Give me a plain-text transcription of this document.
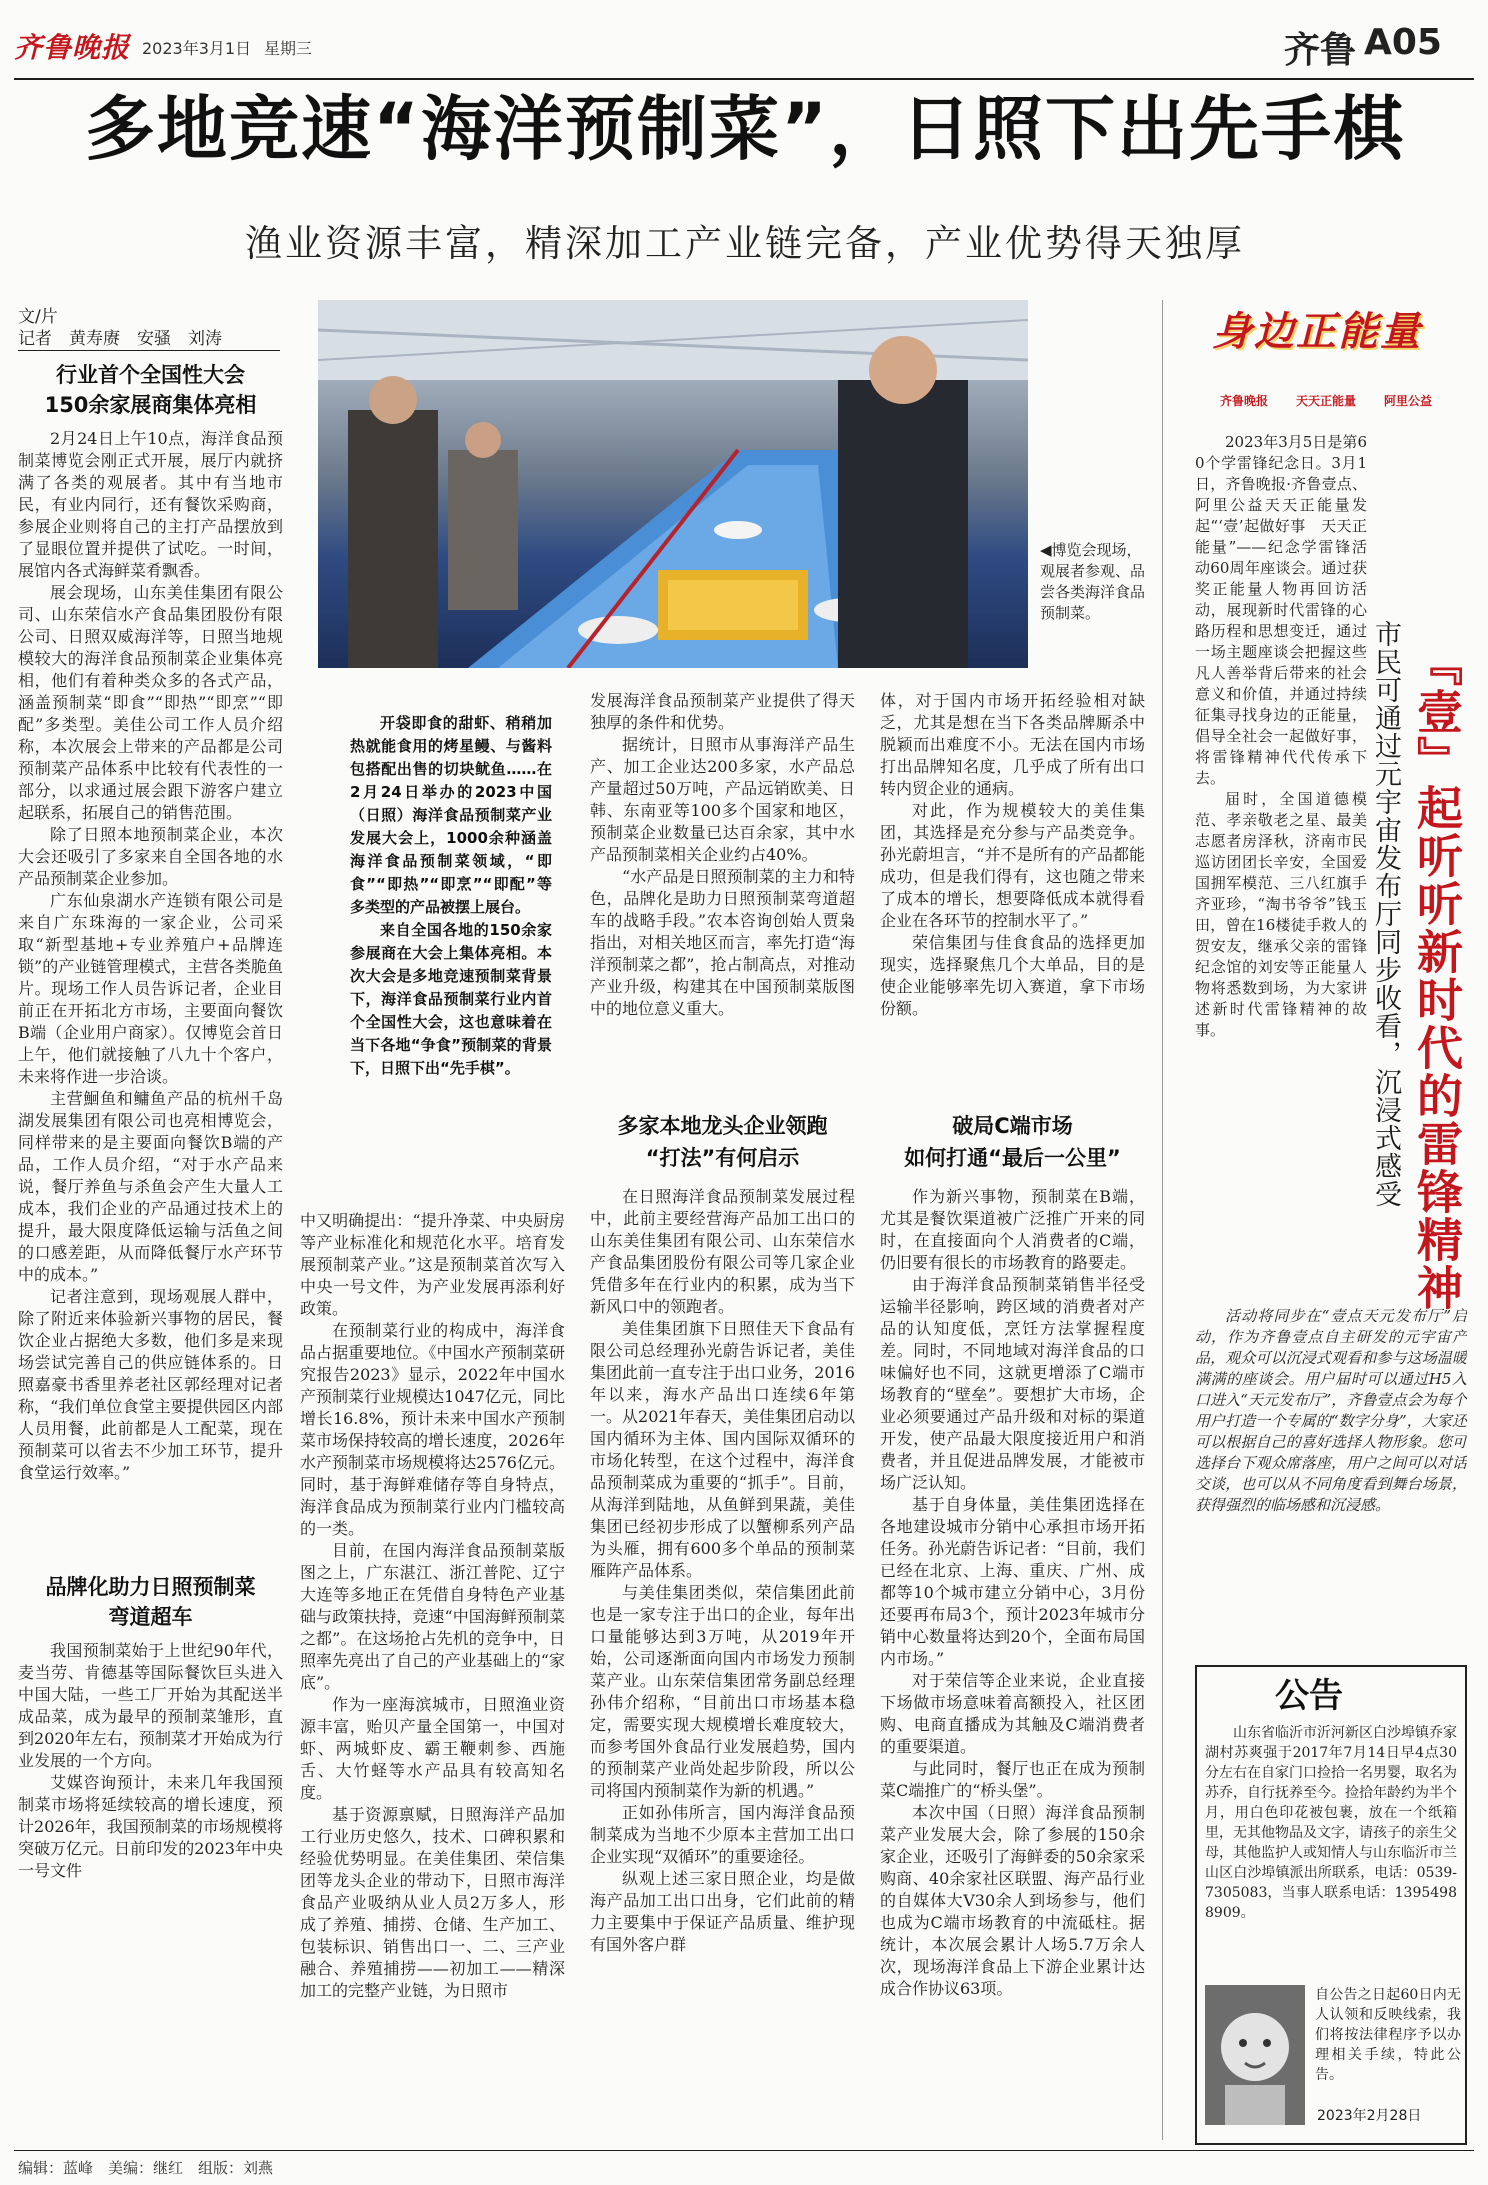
齐鲁晚报 2023年3月1日 星期三	齐鲁 A05
多地竞速“海洋预制菜”，日照下出先手棋
渔业资源丰富，精深加工产业链完备，产业优势得天独厚
文/片
记者　黄寿赓　安骚　刘涛
行业首个全国性大会
150余家展商集体亮相

2月24日上午10点，海洋食品预制菜博览会刚正式开展，展厅内就挤满了各类的观展者。其中有当地市民，有业内同行，还有餐饮采购商，参展企业则将自己的主打产品摆放到了显眼位置并提供了试吃。一时间，展馆内各式海鲜菜肴飘香。

展会现场，山东美佳集团有限公司、山东荣信水产食品集团股份有限公司、日照双威海洋等，日照当地规模较大的海洋食品预制菜企业集体亮相，他们有着种类众多的各式产品，涵盖预制菜“即食”“即热”“即烹”“即配”多类型。美佳公司工作人员介绍称，本次展会上带来的产品都是公司预制菜产品体系中比较有代表性的一部分，以求通过展会跟下游客户建立起联系，拓展自己的销售范围。

除了日照本地预制菜企业，本次大会还吸引了多家来自全国各地的水产品预制菜企业参加。

广东仙泉湖水产连锁有限公司是来自广东珠海的一家企业，公司采取“新型基地+专业养殖户+品牌连锁”的产业链管理模式，主营各类脆鱼片。现场工作人员告诉记者，企业目前正在开拓北方市场，主要面向餐饮B端（企业用户商家）。仅博览会首日上午，他们就接触了八九十个客户，未来将作进一步洽谈。

主营鮰鱼和鳙鱼产品的杭州千岛湖发展集团有限公司也亮相博览会，同样带来的是主要面向餐饮B端的产品，工作人员介绍，“对于水产品来说，餐厅养鱼与杀鱼会产生大量人工成本，我们企业的产品通过技术上的提升，最大限度降低运输与活鱼之间的口感差距，从而降低餐厅水产环节中的成本。”

记者注意到，现场观展人群中，除了附近来体验新兴事物的居民，餐饮企业占据绝大多数，他们多是来现场尝试完善自己的供应链体系的。日照嘉豪书香里养老社区郭经理对记者称，“我们单位食堂主要提供园区内部人员用餐，此前都是人工配菜，现在预制菜可以省去不少加工环节，提升食堂运行效率。”

品牌化助力日照预制菜
弯道超车

我国预制菜始于上世纪90年代，麦当劳、肯德基等国际餐饮巨头进入中国大陆，一些工厂开始为其配送半成品菜，成为最早的预制菜雏形，直到2020年左右，预制菜才开始成为行业发展的一个方向。

艾媒咨询预计，未来几年我国预制菜市场将延续较高的增长速度，预计2026年，我国预制菜的市场规模将突破万亿元。日前印发的2023年中央一号文件

◀博览会现场，观展者参观、品尝各类海洋食品预制菜。

开袋即食的甜虾、稍稍加热就能食用的烤星鳗、与酱料包搭配出售的切块鱿鱼……在2月24日举办的2023中国（日照）海洋食品预制菜产业发展大会上，1000余种涵盖海洋食品预制菜领域，“即食”“即热”“即烹”“即配”等多类型的产品被摆上展台。

来自全国各地的150余家参展商在大会上集体亮相。本次大会是多地竞速预制菜背景下，海洋食品预制菜行业内首个全国性大会，这也意味着在当下各地“争食”预制菜的背景下，日照下出“先手棋”。

中又明确提出：“提升净菜、中央厨房等产业标准化和规范化水平。培育发展预制菜产业。”这是预制菜首次写入中央一号文件，为产业发展再添利好政策。

在预制菜行业的构成中，海洋食品占据重要地位。《中国水产预制菜研究报告2023》显示，2022年中国水产预制菜行业规模达1047亿元，同比增长16.8%，预计未来中国水产预制菜市场保持较高的增长速度，2026年水产预制菜市场规模将达2576亿元。同时，基于海鲜难储存等自身特点，海洋食品成为预制菜行业内门槛较高的一类。

目前，在国内海洋食品预制菜版图之上，广东湛江、浙江普陀、辽宁大连等多地正在凭借自身特色产业基础与政策扶持，竞速“中国海鲜预制菜之都”。在这场抢占先机的竞争中，日照率先亮出了自己的产业基础上的“家底”。

作为一座海滨城市，日照渔业资源丰富，贻贝产量全国第一，中国对虾、两城虾皮、霸王鞭刺参、西施舌、大竹蛏等水产品具有较高知名度。

基于资源禀赋，日照海洋产品加工行业历史悠久，技术、口碑积累和经验优势明显。在美佳集团、荣信集团等龙头企业的带动下，日照市海洋食品产业吸纳从业人员2万多人，形成了养殖、捕捞、仓储、生产加工、包装标识、销售出口一、二、三产业融合、养殖捕捞——初加工——精深加工的完整产业链，为日照市

发展海洋食品预制菜产业提供了得天独厚的条件和优势。

据统计，日照市从事海洋产品生产、加工企业达200多家，水产品总产量超过50万吨，产品远销欧美、日韩、东南亚等100多个国家和地区，预制菜企业数量已达百余家，其中水产品预制菜相关企业约占40%。

“水产品是日照预制菜的主力和特色，品牌化是助力日照预制菜弯道超车的战略手段。”农本咨询创始人贾枭指出，对相关地区而言，率先打造“海洋预制菜之都”，抢占制高点，对推动产业升级，构建其在中国预制菜版图中的地位意义重大。

多家本地龙头企业领跑
“打法”有何启示

在日照海洋食品预制菜发展过程中，此前主要经营海产品加工出口的山东美佳集团有限公司、山东荣信水产食品集团股份有限公司等几家企业凭借多年在行业内的积累，成为当下新风口中的领跑者。

美佳集团旗下日照佳天下食品有限公司总经理孙光蔚告诉记者，美佳集团此前一直专注于出口业务，2016年以来，海水产品出口连续6年第一。从2021年春天，美佳集团启动以国内循环为主体、国内国际双循环的市场化转型，在这个过程中，海洋食品预制菜成为重要的“抓手”。目前，从海洋到陆地，从鱼鲜到果蔬，美佳集团已经初步形成了以蟹柳系列产品为头雁，拥有600多个单品的预制菜雁阵产品体系。

与美佳集团类似，荣信集团此前也是一家专注于出口的企业，每年出口量能够达到3万吨，从2019年开始，公司逐渐面向国内市场发力预制菜产业。山东荣信集团常务副总经理孙伟介绍称，“目前出口市场基本稳定，需要实现大规模增长难度较大，而参考国外食品行业发展趋势，国内的预制菜产业尚处起步阶段，所以公司将国内预制菜作为新的机遇。”

正如孙伟所言，国内海洋食品预制菜成为当地不少原本主营加工出口企业实现“双循环”的重要途径。

纵观上述三家日照企业，均是做海产品加工出口出身，它们此前的精力主要集中于保证产品质量、维护现有国外客户群

体，对于国内市场开拓经验相对缺乏，尤其是想在当下各类品牌厮杀中脱颖而出难度不小。无法在国内市场打出品牌知名度，几乎成了所有出口转内贸企业的通病。

对此，作为规模较大的美佳集团，其选择是充分参与产品类竞争。孙光蔚坦言，“并不是所有的产品都能成功，但是我们得有，这也随之带来了成本的增长，想要降低成本就得看企业在各环节的控制水平了。”

荣信集团与佳食食品的选择更加现实，选择聚焦几个大单品，目的是使企业能够率先切入赛道，拿下市场份额。

破局C端市场
如何打通“最后一公里”

作为新兴事物，预制菜在B端，尤其是餐饮渠道被广泛推广开来的同时，在直接面向个人消费者的C端，仍旧要有很长的市场教育的路要走。

由于海洋食品预制菜销售半径受运输半径影响，跨区域的消费者对产品的认知度低，烹饪方法掌握程度差。同时，不同地域对海洋食品的口味偏好也不同，这就更增添了C端市场教育的“壁垒”。要想扩大市场，企业必须要通过产品升级和对标的渠道开发，使产品最大限度接近用户和消费者，并且促进品牌发展，才能被市场广泛认知。

基于自身体量，美佳集团选择在各地建设城市分销中心承担市场开拓任务。孙光蔚告诉记者：“目前，我们已经在北京、上海、重庆、广州、成都等10个城市建立分销中心，3月份还要再布局3个，预计2023年城市分销中心数量将达到20个，全面布局国内市场。”

对于荣信等企业来说，企业直接下场做市场意味着高额投入，社区团购、电商直播成为其触及C端消费者的重要渠道。

与此同时，餐厅也正在成为预制菜C端推广的“桥头堡”。

本次中国（日照）海洋食品预制菜产业发展大会，除了参展的150余家企业，还吸引了海鲜委的50余家采购商、40余家社区联盟、海产品行业的自媒体大V30余人到场参与，他们也成为C端市场教育的中流砥柱。据统计，本次展会累计人场5.7万余人次，现场海洋食品上下游企业累计达成合作协议63项。

身边正能量
齐鲁晚报 天天正能量 阿里公益

2023年3月5日是第60个学雷锋纪念日。3月1日，齐鲁晚报·齐鲁壹点、阿里公益天天正能量发起“‘壹’起做好事　天天正能量”——纪念学雷锋活动60周年座谈会。通过获奖正能量人物再回访活动，展现新时代雷锋的心路历程和思想变迁，通过一场主题座谈会把握这些凡人善举背后带来的社会意义和价值，并通过持续征集寻找身边的正能量，倡导全社会一起做好事，将雷锋精神代代传承下去。

届时，全国道德模范、孝亲敬老之星、最美志愿者房泽秋，济南市民巡访团团长辛安，全国爱国拥军模范、三八红旗手齐亚珍，“淘书爷爷”钱玉田，曾在16楼徒手救人的贺安友，继承父亲的雷锋纪念馆的刘安等正能量人物将悉数到场，为大家讲述新时代雷锋精神的故事。	『壹』起听听新时代的雷锋精神
市民可通过元宇宙发布厅同步收看，沉浸式感受

活动将同步在“壹点天元发布厅”启动，作为齐鲁壹点自主研发的元宇宙产品，观众可以沉浸式观看和参与这场温暖满满的座谈会。用户届时可以通过H5入口进入“天元发布厅”，齐鲁壹点会为每个用户打造一个专属的“数字分身”，大家还可以根据自己的喜好选择人物形象。您可选择台下观众席落座，用户之间可以对话交谈，也可以从不同角度看到舞台场景，获得强烈的临场感和沉浸感。

公告

山东省临沂市沂河新区白沙埠镇乔家湖村苏爽强于2017年7月14日早4点30分左右在自家门口捡拾一名男婴，取名为苏乔，自行抚养至今。捡拾年龄约为半个月，用白色印花被包裹，放在一个纸箱里，无其他物品及文字，请孩子的亲生父母，其他监护人或知情人与山东临沂市兰山区白沙埠镇派出所联系，电话：0539-7305083，当事人联系电话：13954988909。

自公告之日起60日内无人认领和反映线索，我们将按法律程序予以办理相关手续，特此公告。
2023年2月28日
编辑：蓝峰　美编：继红　组版：刘燕
